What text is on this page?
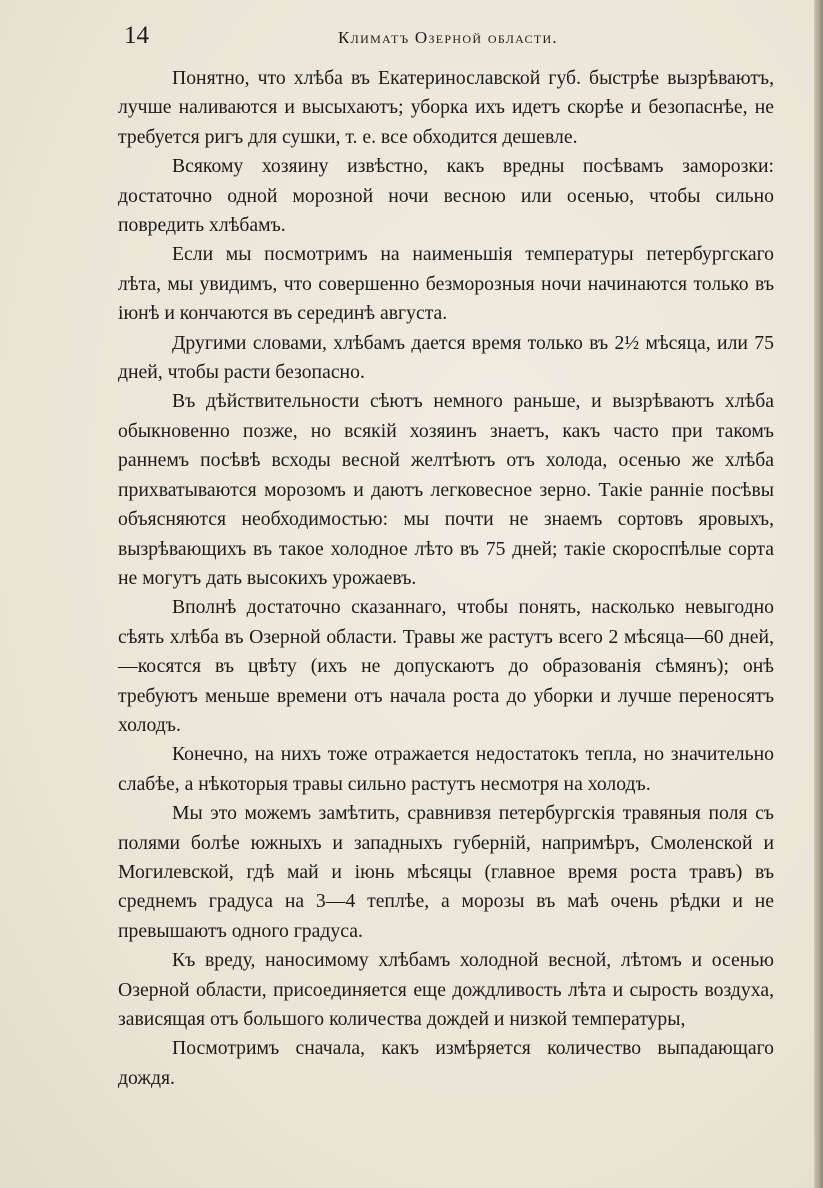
14	Климатъ Озерной области.

Понятно, что хлѣба въ Екатеринославской губ. быстрѣе вызрѣваютъ, лучше наливаются и высыхаютъ; уборка ихъ идетъ скорѣе и безопаснѣе, не требуется ригъ для сушки, т. е. все обходится дешевле.

Всякому хозяину извѣстно, какъ вредны посѣвамъ заморозки: достаточно одной морозной ночи весною или осенью, чтобы сильно повредить хлѣбамъ.

Если мы посмотримъ на наименьшія температуры петербургскаго лѣта, мы увидимъ, что совершенно безморозныя ночи начинаются только въ іюнѣ и кончаются въ серединѣ августа.

Другими словами, хлѣбамъ дается время только въ 2½ мѣсяца, или 75 дней, чтобы расти безопасно.

Въ дѣйствительности сѣютъ немного раньше, и вызрѣваютъ хлѣба обыкновенно позже, но всякій хозяинъ знаетъ, какъ часто при такомъ раннемъ посѣвѣ всходы весной желтѣютъ отъ холода, осенью же хлѣба прихватываются морозомъ и даютъ легковесное зерно. Такіе ранніе посѣвы объясняются необходимостью: мы почти не знаемъ сортовъ яровыхъ, вызрѣвающихъ въ такое холодное лѣто въ 75 дней; такіе скороспѣлые сорта не могутъ дать высокихъ урожаевъ.

Вполнѣ достаточно сказаннаго, чтобы понять, насколько невыгодно сѣять хлѣба въ Озерной области. Травы же растутъ всего 2 мѣсяца—60 дней,—косятся въ цвѣту (ихъ не допускаютъ до образованія сѣмянъ); онѣ требуютъ меньше времени отъ начала роста до уборки и лучше переносятъ холодъ.

Конечно, на нихъ тоже отражается недостатокъ тепла, но значительно слабѣе, а нѣкоторыя травы сильно растутъ несмотря на холодъ.

Мы это можемъ замѣтить, сравнивзя петербургскія травяныя поля съ полями болѣе южныхъ и западныхъ губерній, напримѣръ, Смоленской и Могилевской, гдѣ май и іюнь мѣсяцы (главное время роста травъ) въ среднемъ градуса на 3—4 теплѣе, а морозы въ маѣ очень рѣдки и не превышаютъ одного градуса.

Къ вреду, наносимому хлѣбамъ холодной весной, лѣтомъ и осенью Озерной области, присоединяется еще дождливость лѣта и сырость воздуха, зависящая отъ большого количества дождей и низкой температуры,

Посмотримъ сначала, какъ измѣряется количество выпадающаго дождя.
